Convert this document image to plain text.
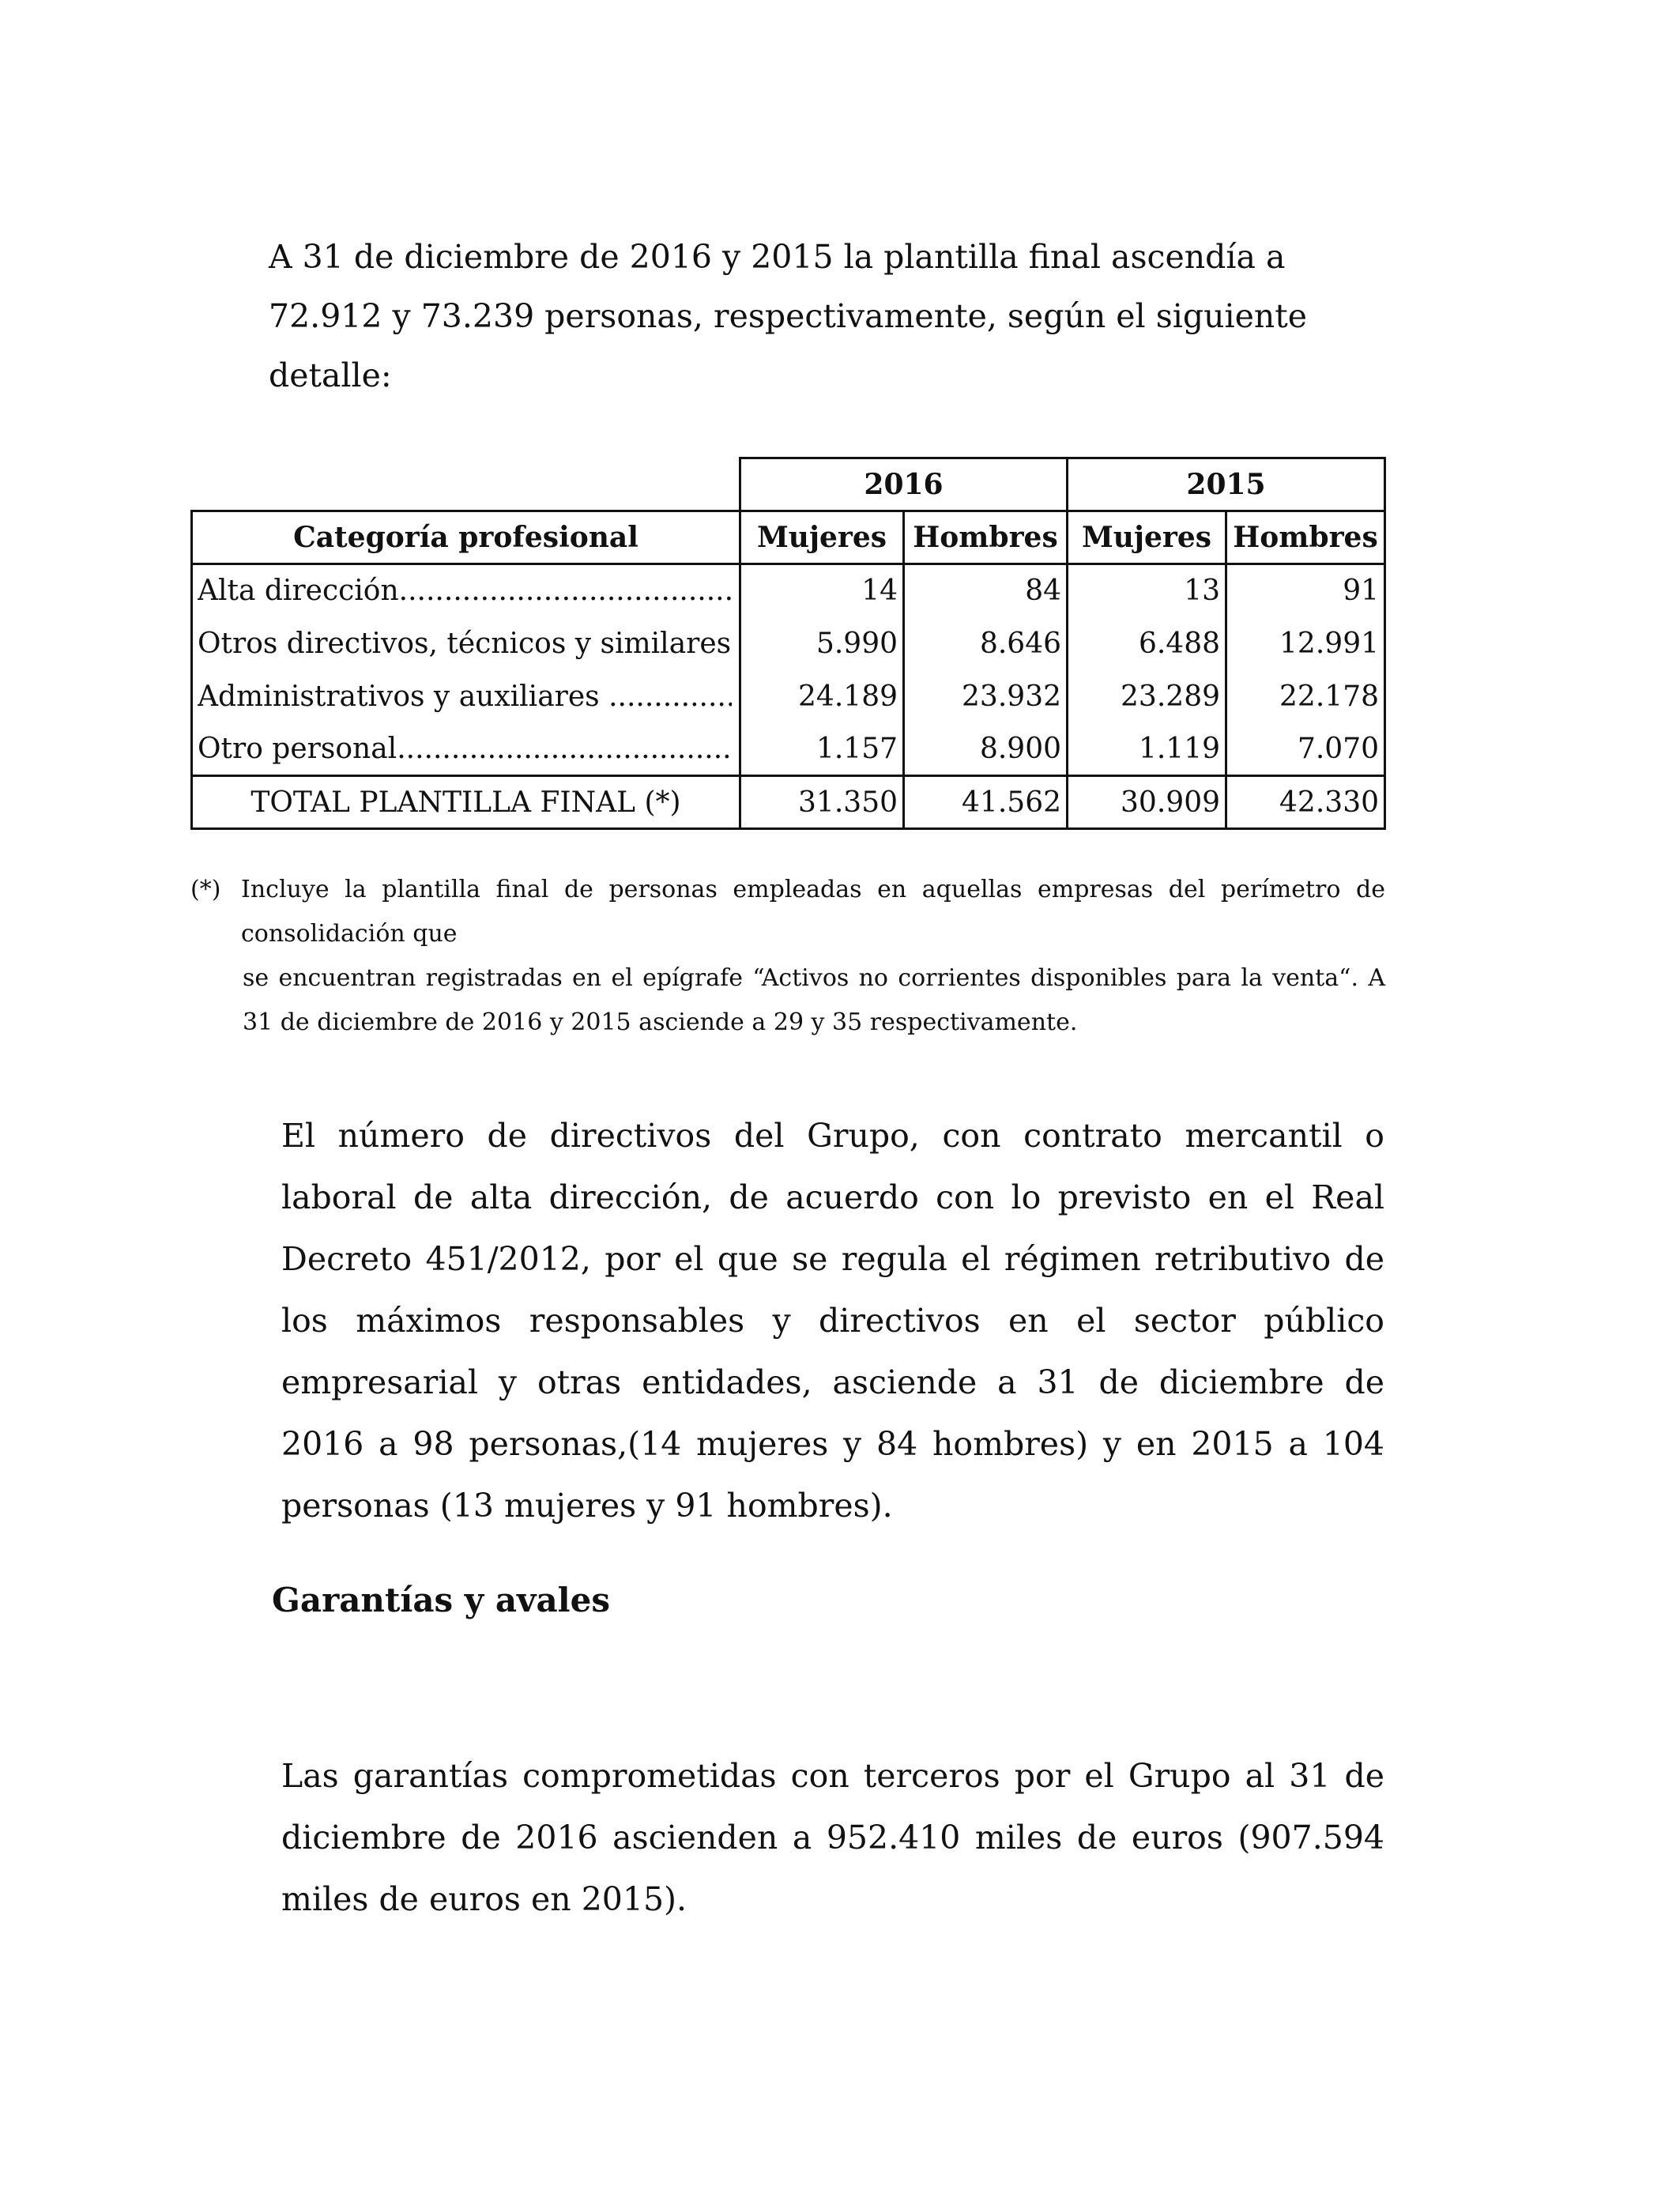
A 31 de diciembre de 2016 y 2015 la plantilla final ascendía a 72.912 y 73.239 personas, respectivamente, según el siguiente detalle:

	2016		2015	
Categoría profesional	Mujeres	Hombres	Mujeres	Hombres

Alta dirección .....	14	84	13	91

Otros directivos, técnicos y similares .....	5.990	8.646	6.488	12.991

Administrativos y auxiliares .....	24.189	23.932	23.289	22.178

Otro personal .....	1.157	8.900	1.119	7.070
TOTAL PLANTILLA FINAL (*)	31.350	41.562	30.909	42.330
(*) Incluye la plantilla final de personas empleadas en aquellas empresas del perímetro de consolidación que
se encuentran registradas en el epígrafe “Activos no corrientes disponibles para la venta“. A 31 de diciembre de 2016 y 2015 asciende a 29 y 35 respectivamente.

El número de directivos del Grupo, con contrato mercantil o laboral de alta dirección, de acuerdo con lo previsto en el Real Decreto 451/2012, por el que se regula el régimen retributivo de los máximos responsables y directivos en el sector público empresarial y otras entidades, asciende a 31 de diciembre de 2016 a 98 personas,(14 mujeres y 84 hombres) y en 2015 a 104 personas (13 mujeres y 91 hombres).

Garantías y avales

Las garantías comprometidas con terceros por el Grupo al 31 de diciembre de 2016 ascienden a 952.410 miles de euros (907.594 miles de euros en 2015).
